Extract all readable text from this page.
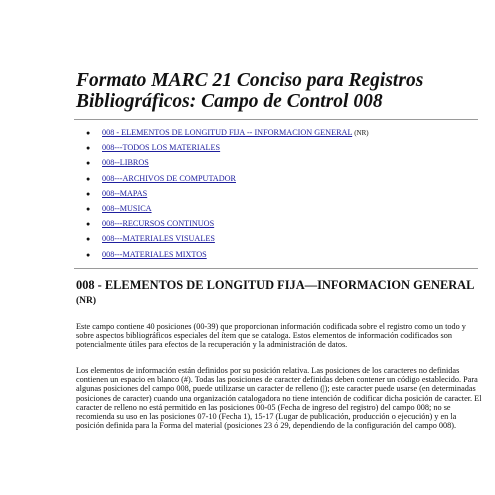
Formato MARC 21 Conciso para Registros Bibliográficos: Campo de Control 008
● 008 - ELEMENTOS DE LONGITUD FIJA -- INFORMACION GENERAL (NR)
● 008---TODOS LOS MATERIALES
● 008--LIBROS
● 008---ARCHIVOS DE COMPUTADOR
● 008--MAPAS
● 008--MUSICA
● 008---RECURSOS CONTINUOS
● 008---MATERIALES VISUALES
● 008---MATERIALES MIXTOS
008 - ELEMENTOS DE LONGITUD FIJA—INFORMACION GENERAL (NR)

Este campo contiene 40 posiciones (00-39) que proporcionan información codificada sobre el registro como un todo y sobre aspectos bibliográficos especiales del ítem que se cataloga. Estos elementos de información codificados son potencialmente útiles para efectos de la recuperación y la administración de datos.

Los elementos de información están definidos por su posición relativa. Las posiciones de los caracteres no definidas contienen un espacio en blanco (#). Todas las posiciones de caracter definidas deben contener un código establecido. Para algunas posiciones del campo 008, puede utilizarse un caracter de relleno (|); este caracter puede usarse (en determinadas posiciones de caracter) cuando una organización catalogadora no tiene intención de codificar dicha posición de caracter. El caracter de relleno no está permitido en las posiciones 00-05 (Fecha de ingreso del registro) del campo 008; no se recomienda su uso en las posiciones 07-10 (Fecha 1), 15-17 (Lugar de publicación, producción o ejecución) y en la posición definida para la Forma del material (posiciones 23 ó 29, dependiendo de la configuración del campo 008).
